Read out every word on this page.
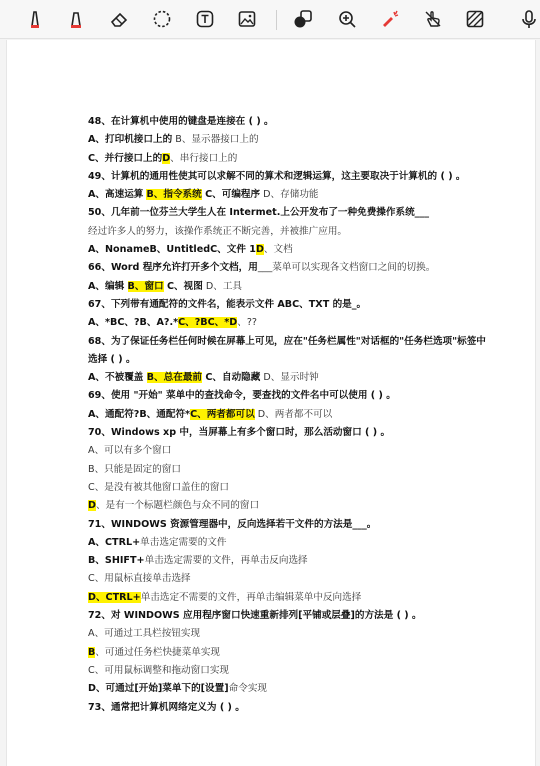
48、在计算机中使用的键盘是连接在 ( ) 。
A、打印机接口上的 B、显示器接口上的
C、并行接口上的D、串行接口上的
49、计算机的通用性使其可以求解不同的算术和逻辑运算，这主要取决于计算机的 ( ) 。
A、高速运算 B、指令系统 C、可编程序 D、存储功能
50、几年前一位芬兰大学生人在 Intermet.上公开发布了一种免费操作系统___
经过许多人的努力，该操作系统正不断完善，并被推广应用。
A、NonameB、UntitledC、文件 1D、文档
66、Word 程序允许打开多个文档，用___菜单可以实现各文档窗口之间的切换。
A、编辑 B、窗口 C、视图 D、工具
67、下列带有通配符的文件名，能表示文件 ABC、TXT 的是_。
A、*BC、?B、A?.*C、?BC、*D、??
68、为了保证任务栏任何时候在屏幕上可见，应在"任务栏属性"对话框的"任务栏选项"标签中选择 ( ) 。
A、不被覆盖 B、总在最前 C、自动隐藏 D、显示时钟
69、使用 "开始" 菜单中的查找命令，要查找的文件名中可以使用 ( ) 。
A、通配符?B、通配符*C、两者都可以 D、两者都不可以
70、Windows xp 中，当屏幕上有多个窗口时，那么活动窗口 ( ) 。
A、可以有多个窗口
B、只能是固定的窗口
C、是没有被其他窗口盖住的窗口
D、是有一个标题栏颜色与众不同的窗口
71、WINDOWS 资源管理器中，反向选择若干文件的方法是___。
A、CTRL+单击选定需要的文件
B、SHIFT+单击选定需要的文件，再单击反向选择
C、用鼠标直接单击选择
D、CTRL+单击选定不需要的文件，再单击编辑菜单中反向选择
72、对 WINDOWS 应用程序窗口快速重新排列[平铺或层叠]的方法是 ( ) 。
A、可通过工具栏按钮实现
B、可通过任务栏快捷菜单实现
C、可用鼠标调整和拖动窗口实现
D、可通过[开始]菜单下的[设置]命令实现
73、通常把计算机网络定义为 ( ) 。
